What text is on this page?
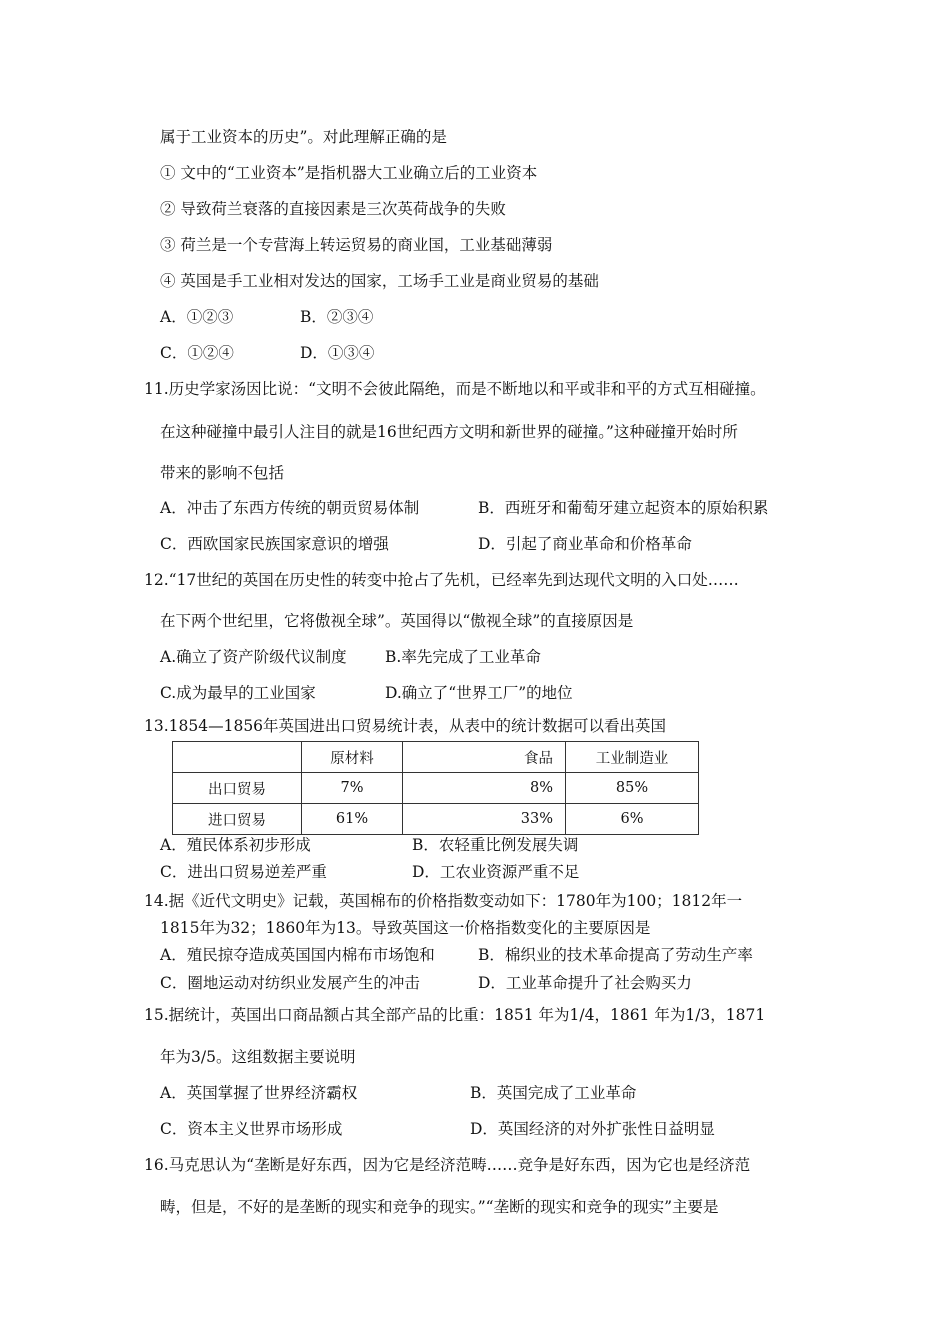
属于工业资本的历史”。对此理解正确的是
① 文中的“工业资本”是指机器大工业确立后的工业资本
② 导致荷兰衰落的直接因素是三次英荷战争的失败
③ 荷兰是一个专营海上转运贸易的商业国，工业基础薄弱
④ 英国是手工业相对发达的国家，工场手工业是商业贸易的基础
A．①②③	B．②③④
C．①②④	D．①③④
11.历史学家汤因比说：“文明不会彼此隔绝，而是不断地以和平或非和平的方式互相碰撞。
在这种碰撞中最引人注目的就是16世纪西方文明和新世界的碰撞。”这种碰撞开始时所
带来的影响不包括
A．冲击了东西方传统的朝贡贸易体制	B．西班牙和葡萄牙建立起资本的原始积累
C．西欧国家民族国家意识的增强	D．引起了商业革命和价格革命
12.“17世纪的英国在历史性的转变中抢占了先机，已经率先到达现代文明的入口处……
在下两个世纪里，它将傲视全球”。英国得以“傲视全球”的直接原因是
A.确立了资产阶级代议制度 B.率先完成了工业革命
C.成为最早的工业国家	D.确立了“世界工厂”的地位
13.1854—1856年英国进出口贸易统计表，从表中的统计数据可以看出英国
	原材料	食品	工业制造业
出口贸易	7%	8%	85%
进口贸易	61%	33%	6%
A．殖民体系初步形成	B．农轻重比例发展失调
C．进出口贸易逆差严重	D．工农业资源严重不足
14.据《近代文明史》记载，英国棉布的价格指数变动如下：1780年为100；1812年一
1815年为32；1860年为13。导致英国这一价格指数变化的主要原因是
A．殖民掠夺造成英国国内棉布市场饱和	B．棉织业的技术革命提高了劳动生产率
C．圈地运动对纺织业发展产生的冲击	D．工业革命提升了社会购买力
15.据统计，英国出口商品额占其全部产品的比重：1851 年为1/4，1861 年为1/3，1871
年为3/5。这组数据主要说明
A．英国掌握了世界经济霸权	B．英国完成了工业革命
C．资本主义世界市场形成	D．英国经济的对外扩张性日益明显
16.马克思认为“垄断是好东西，因为它是经济范畴……竞争是好东西，因为它也是经济范
畴，但是，不好的是垄断的现实和竞争的现实。”“垄断的现实和竞争的现实”主要是
